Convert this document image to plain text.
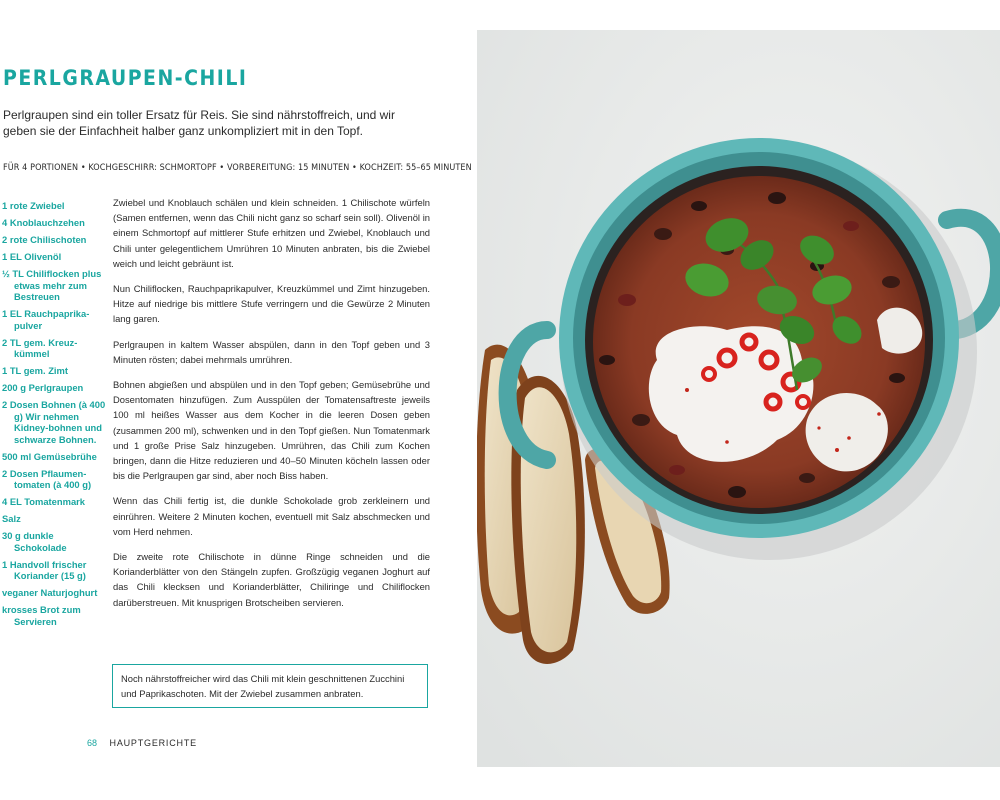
PERLGRAUPEN-CHILI

Perlgraupen sind ein toller Ersatz für Reis. Sie sind nährstoffreich, und wir geben sie der Einfachheit halber ganz unkompliziert mit in den Topf.

FÜR 4 PORTIONEN • KOCHGESCHIRR: SCHMORTOPF • VORBEREITUNG: 15 MINUTEN • KOCHZEIT: 55–65 MINUTEN

1 rote Zwiebel
4 Knoblauchzehen
2 rote Chilischoten
1 EL Olivenöl
½ TL Chiliflocken plus etwas mehr zum Bestreuen
1 EL Rauchpaprika-pulver
2 TL gem. Kreuz-kümmel
1 TL gem. Zimt
200 g Perlgraupen
2 Dosen Bohnen (à 400 g) Wir nehmen Kidney-bohnen und schwarze Bohnen.
500 ml Gemüsebrühe
2 Dosen Pflaumen-tomaten (à 400 g)
4 EL Tomatenmark
Salz
30 g dunkle Schokolade
1 Handvoll frischer Koriander (15 g)
veganer Naturjoghurt
krosses Brot zum Servieren

Zwiebel und Knoblauch schälen und klein schneiden. 1 Chilischote würfeln (Samen entfernen, wenn das Chili nicht ganz so scharf sein soll). Olivenöl in einem Schmortopf auf mittlerer Stufe erhitzen und Zwiebel, Knoblauch und Chili unter gelegentlichem Umrühren 10 Minuten anbraten, bis die Zwiebel weich und leicht gebräunt ist.

Nun Chiliflocken, Rauchpaprikapulver, Kreuzkümmel und Zimt hinzugeben. Hitze auf niedrige bis mittlere Stufe verringern und die Gewürze 2 Minuten lang garen.

Perlgraupen in kaltem Wasser abspülen, dann in den Topf geben und 3 Minuten rösten; dabei mehrmals umrühren.

Bohnen abgießen und abspülen und in den Topf geben; Gemüsebrühe und Dosentomaten hinzufügen. Zum Ausspülen der Tomatensaftreste jeweils 100 ml heißes Wasser aus dem Kocher in die leeren Dosen geben (zusammen 200 ml), schwenken und in den Topf gießen. Nun Tomatenmark und 1 große Prise Salz hinzugeben. Umrühren, das Chili zum Kochen bringen, dann die Hitze reduzieren und 40–50 Minuten köcheln lassen oder bis die Perlgraupen gar sind, aber noch Biss haben.

Wenn das Chili fertig ist, die dunkle Schokolade grob zerkleinern und einrühren. Weitere 2 Minuten kochen, eventuell mit Salz abschmecken und vom Herd nehmen.

Die zweite rote Chilischote in dünne Ringe schneiden und die Korianderblätter von den Stängeln zupfen. Großzügig veganen Joghurt auf das Chili klecksen und Korianderblätter, Chiliringe und Chiliflocken darüberstreuen. Mit knusprigen Brotscheiben servieren.

Noch nährstoffreicher wird das Chili mit klein geschnittenen Zucchini und Paprikaschoten. Mit der Zwiebel zusammen anbraten.
68 HAUPTGERICHTE
